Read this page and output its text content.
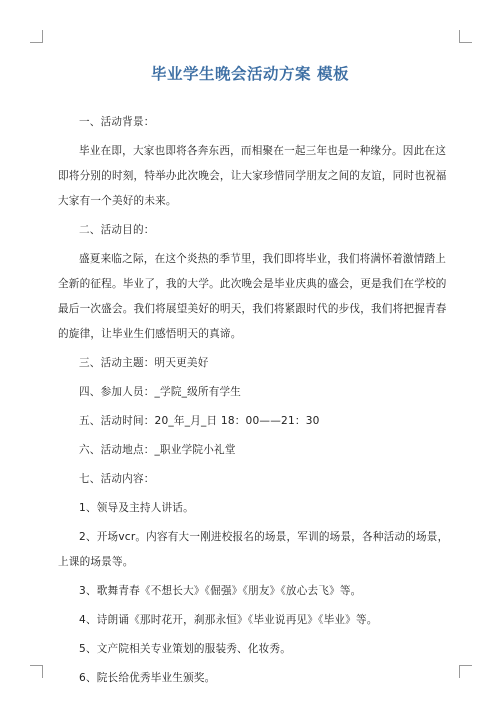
毕业学生晚会活动方案 模板

一、活动背景：

毕业在即，大家也即将各奔东西，而相聚在一起三年也是一种缘分。因此在这即将分别的时刻，特举办此次晚会，让大家珍惜同学朋友之间的友谊，同时也祝福大家有一个美好的未来。

二、活动目的：

盛夏来临之际，在这个炎热的季节里，我们即将毕业，我们将满怀着激情踏上全新的征程。毕业了，我的大学。此次晚会是毕业庆典的盛会，更是我们在学校的最后一次盛会。我们将展望美好的明天，我们将紧跟时代的步伐，我们将把握青春的旋律，让毕业生们感悟明天的真谛。

三、活动主题：明天更美好

四、参加人员：_学院_级所有学生

五、活动时间：20_年_月_日 18：00——21：30

六、活动地点：_职业学院小礼堂

七、活动内容：

1、领导及主持人讲话。

2、开场vcr。内容有大一刚进校报名的场景，军训的场景，各种活动的场景，上课的场景等。

3、歌舞青春《不想长大》《倔强》《朋友》《放心去飞》等。

4、诗朗诵《那时花开，刹那永恒》《毕业说再见》《毕业》等。

5、文产院相关专业策划的服装秀、化妆秀。

6、院长给优秀毕业生颁奖。
